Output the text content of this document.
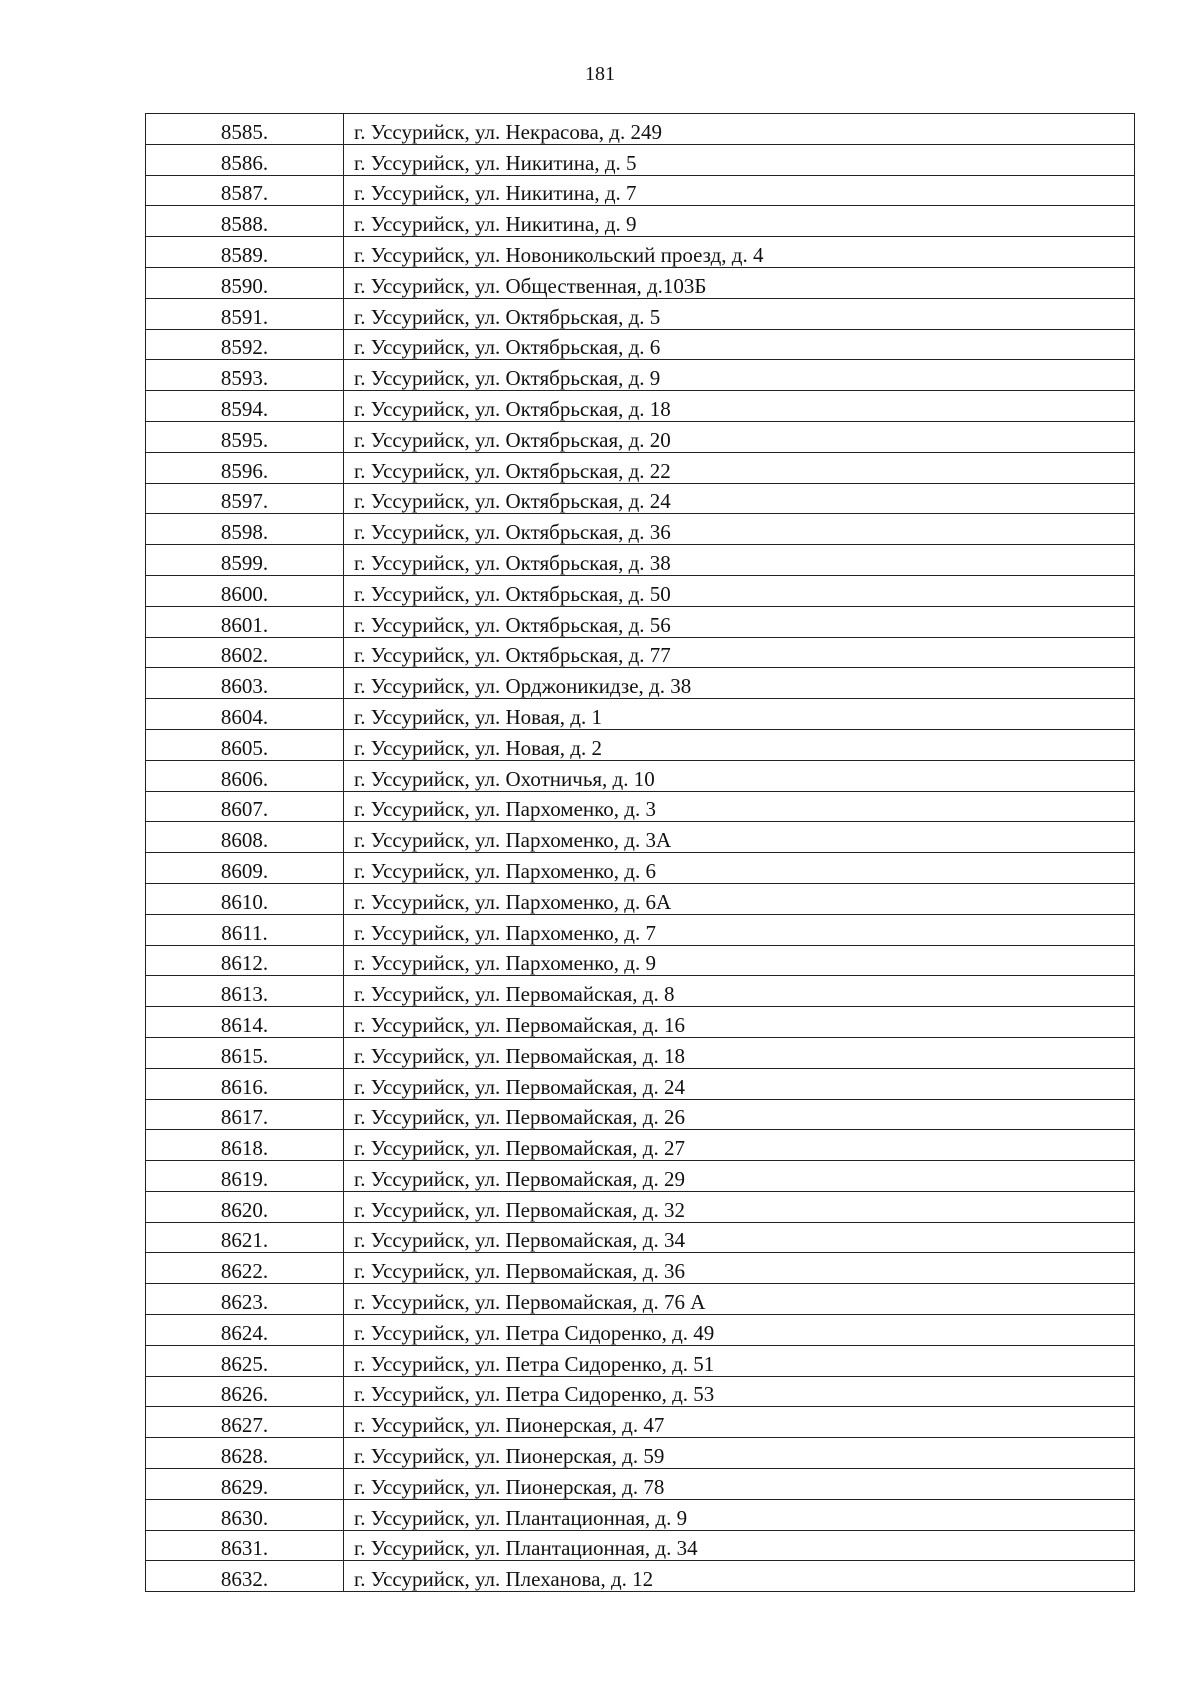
181
8585.	г. Уссурийск, ул. Некрасова, д. 249
8586.	г. Уссурийск, ул. Никитина, д. 5
8587.	г. Уссурийск, ул. Никитина, д. 7
8588.	г. Уссурийск, ул. Никитина, д. 9
8589.	г. Уссурийск, ул. Новоникольский проезд, д. 4
8590.	г. Уссурийск, ул. Общественная, д.103Б
8591.	г. Уссурийск, ул. Октябрьская, д. 5
8592.	г. Уссурийск, ул. Октябрьская, д. 6
8593.	г. Уссурийск, ул. Октябрьская, д. 9
8594.	г. Уссурийск, ул. Октябрьская, д. 18
8595.	г. Уссурийск, ул. Октябрьская, д. 20
8596.	г. Уссурийск, ул. Октябрьская, д. 22
8597.	г. Уссурийск, ул. Октябрьская, д. 24
8598.	г. Уссурийск, ул. Октябрьская, д. 36
8599.	г. Уссурийск, ул. Октябрьская, д. 38
8600.	г. Уссурийск, ул. Октябрьская, д. 50
8601.	г. Уссурийск, ул. Октябрьская, д. 56
8602.	г. Уссурийск, ул. Октябрьская, д. 77
8603.	г. Уссурийск, ул. Орджоникидзе, д. 38
8604.	г. Уссурийск, ул. Новая, д. 1
8605.	г. Уссурийск, ул. Новая, д. 2
8606.	г. Уссурийск, ул. Охотничья, д. 10
8607.	г. Уссурийск, ул. Пархоменко, д. 3
8608.	г. Уссурийск, ул. Пархоменко, д. 3А
8609.	г. Уссурийск, ул. Пархоменко, д. 6
8610.	г. Уссурийск, ул. Пархоменко, д. 6А
8611.	г. Уссурийск, ул. Пархоменко, д. 7
8612.	г. Уссурийск, ул. Пархоменко, д. 9
8613.	г. Уссурийск, ул. Первомайская, д. 8
8614.	г. Уссурийск, ул. Первомайская, д. 16
8615.	г. Уссурийск, ул. Первомайская, д. 18
8616.	г. Уссурийск, ул. Первомайская, д. 24
8617.	г. Уссурийск, ул. Первомайская, д. 26
8618.	г. Уссурийск, ул. Первомайская, д. 27
8619.	г. Уссурийск, ул. Первомайская, д. 29
8620.	г. Уссурийск, ул. Первомайская, д. 32
8621.	г. Уссурийск, ул. Первомайская, д. 34
8622.	г. Уссурийск, ул. Первомайская, д. 36
8623.	г. Уссурийск, ул. Первомайская, д. 76 А
8624.	г. Уссурийск, ул. Петра Сидоренко, д. 49
8625.	г. Уссурийск, ул. Петра Сидоренко, д. 51
8626.	г. Уссурийск, ул. Петра Сидоренко, д. 53
8627.	г. Уссурийск, ул. Пионерская, д. 47
8628.	г. Уссурийск, ул. Пионерская, д. 59
8629.	г. Уссурийск, ул. Пионерская, д. 78
8630.	г. Уссурийск, ул. Плантационная, д. 9
8631.	г. Уссурийск, ул. Плантационная, д. 34
8632.	г. Уссурийск, ул. Плеханова, д. 12
